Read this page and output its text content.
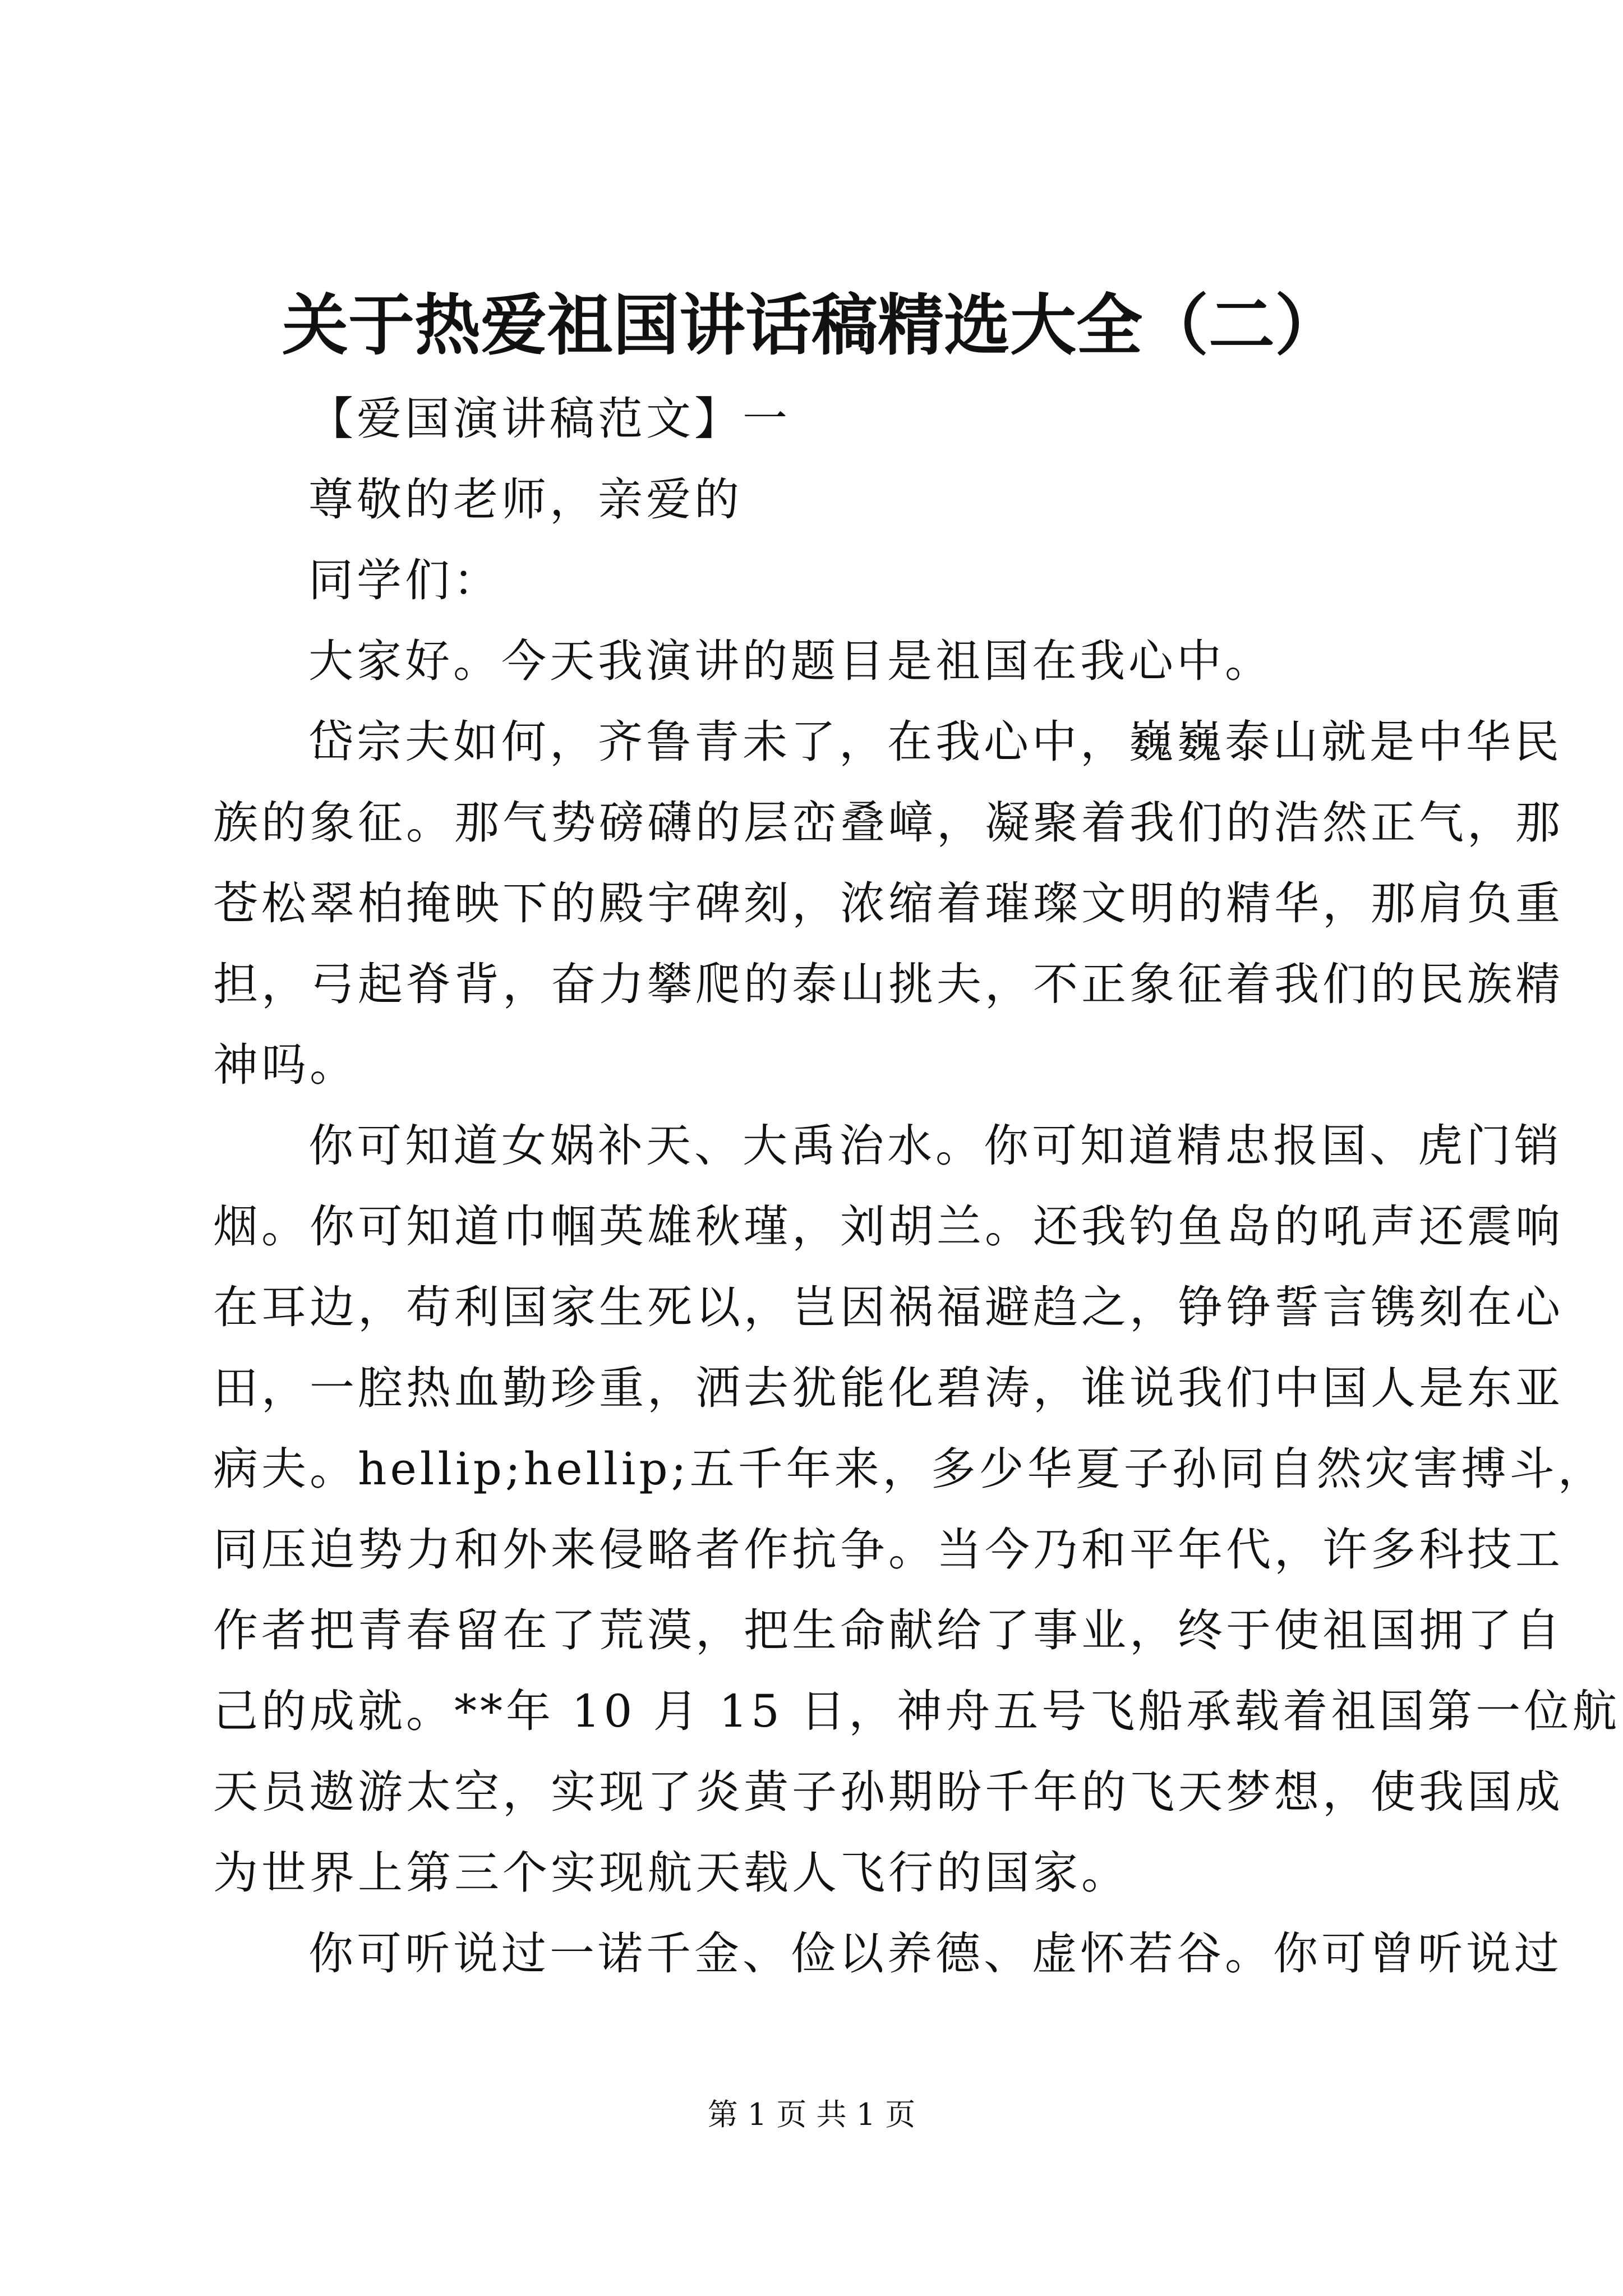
关于热爱祖国讲话稿精选大全（二）
【爱国演讲稿范文】一
尊敬的老师，亲爱的
同学们：
大家好。今天我演讲的题目是祖国在我心中。
岱宗夫如何，齐鲁青未了，在我心中，巍巍泰山就是中华民
族的象征。那气势磅礴的层峦叠嶂，凝聚着我们的浩然正气，那
苍松翠柏掩映下的殿宇碑刻，浓缩着璀璨文明的精华，那肩负重
担，弓起脊背，奋力攀爬的泰山挑夫，不正象征着我们的民族精
神吗。
你可知道女娲补天、大禹治水。你可知道精忠报国、虎门销
烟。你可知道巾帼英雄秋瑾，刘胡兰。还我钓鱼岛的吼声还震响
在耳边，苟利国家生死以，岂因祸福避趋之，铮铮誓言镌刻在心
田，一腔热血勤珍重，洒去犹能化碧涛，谁说我们中国人是东亚
病夫。hellip;hellip;五千年来，多少华夏子孙同自然灾害搏斗，
同压迫势力和外来侵略者作抗争。当今乃和平年代，许多科技工
作者把青春留在了荒漠，把生命献给了事业，终于使祖国拥了自
己的成就。**年 10 月 15 日，神舟五号飞船承载着祖国第一位航
天员遨游太空，实现了炎黄子孙期盼千年的飞天梦想，使我国成
为世界上第三个实现航天载人飞行的国家。
你可听说过一诺千金、俭以养德、虚怀若谷。你可曾听说过
第 1 页 共 1 页
